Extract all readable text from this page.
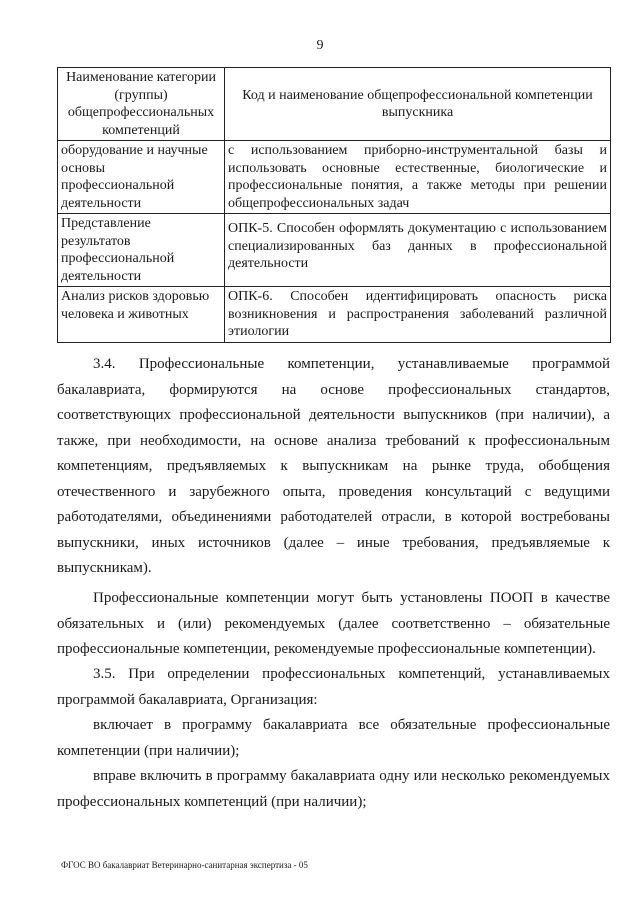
9
Наименование категории (группы) общепрофессиональных компетенций	Код и наименование общепрофессиональной компетенции выпускника
оборудование и научные основы профессиональной деятельности	с использованием приборно-инструментальной базы и использовать основные естественные, биологические и профессиональные понятия, а также методы при решении общепрофессиональных задач
Представление результатов профессиональной деятельности	ОПК-5. Способен оформлять документацию с использованием специализированных баз данных в профессиональной деятельности
Анализ рисков здоровью человека и животных	ОПК-6. Способен идентифицировать опасность риска возникновения и распространения заболеваний различной этиологии

3.4. Профессиональные компетенции, устанавливаемые программой бакалавриата, формируются на основе профессиональных стандартов, соответствующих профессиональной деятельности выпускников (при наличии), а также, при необходимости, на основе анализа требований к профессиональным компетенциям, предъявляемых к выпускникам на рынке труда, обобщения отечественного и зарубежного опыта, проведения консультаций с ведущими работодателями, объединениями работодателей отрасли, в которой востребованы выпускники, иных источников (далее – иные требования, предъявляемые к выпускникам).

Профессиональные компетенции могут быть установлены ПООП в качестве обязательных и (или) рекомендуемых (далее соответственно – обязательные профессиональные компетенции, рекомендуемые профессиональные компетенции).

3.5. При определении профессиональных компетенций, устанавливаемых программой бакалавриата, Организация:

включает в программу бакалавриата все обязательные профессиональные компетенции (при наличии);

вправе включить в программу бакалавриата одну или несколько рекомендуемых профессиональных компетенций (при наличии);

ФГОС ВО бакалавриат Ветеринарно-санитарная экспертиза - 05
